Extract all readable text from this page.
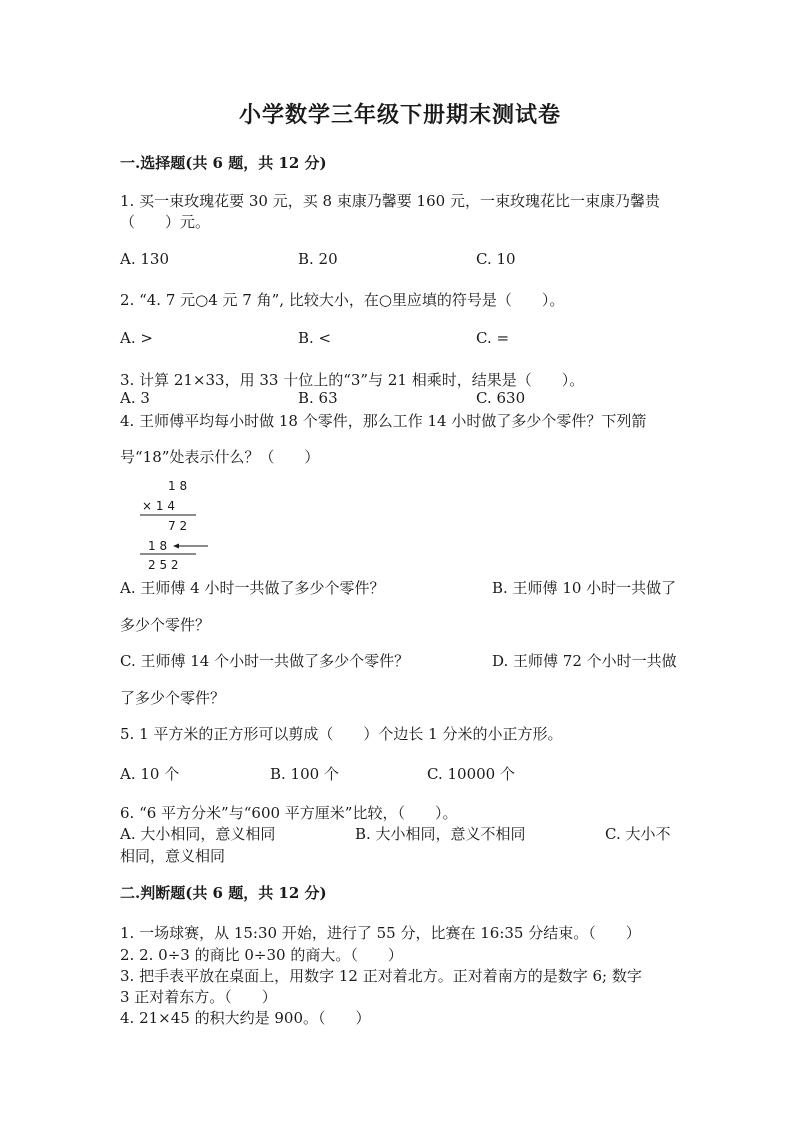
小学数学三年级下册期末测试卷
一.选择题(共 6 题，共 12 分)
1. 买一束玫瑰花要 30 元，买 8 束康乃馨要 160 元，一束玫瑰花比一束康乃馨贵
（　　）元。
A. 130	B. 20	C. 10
2. “4. 7 元○4 元 7 角”, 比较大小，在○里应填的符号是（　　）。
A. >	B. <	C. =
3. 计算 21×33，用 33 十位上的“3”与 21 相乘时，结果是（　　）。
A. 3	B. 63	C. 630
4. 王师傅平均每小时做 18 个零件，那么工作 14 小时做了多少个零件？下列箭
号“18”处表示什么？（　　）
1 8
× 1 4
7 2
1 8
2 5 2
A. 王师傅 4 小时一共做了多少个零件？	B. 王师傅 10 小时一共做了
多少个零件？
C. 王师傅 14 个小时一共做了多少个零件？	D. 王师傅 72 个小时一共做
了多少个零件？
5. 1 平方米的正方形可以剪成（　　）个边长 1 分米的小正方形。
A. 10 个	B. 100 个	C. 10000 个
6. “6 平方分米”与“600 平方厘米”比较，（　　）。
A. 大小相同，意义相同	B. 大小相同，意义不相同	C. 大小不
相同，意义相同
二.判断题(共 6 题，共 12 分)
1. 一场球赛，从 15:30 开始，进行了 55 分，比赛在 16:35 分结束。（　　）
2. 2. 0÷3 的商比 0÷30 的商大。（　　）
3. 把手表平放在桌面上，用数字 12 正对着北方。正对着南方的是数字 6; 数字
3 正对着东方。（　　）
4. 21×45 的积大约是 900。（　　）
